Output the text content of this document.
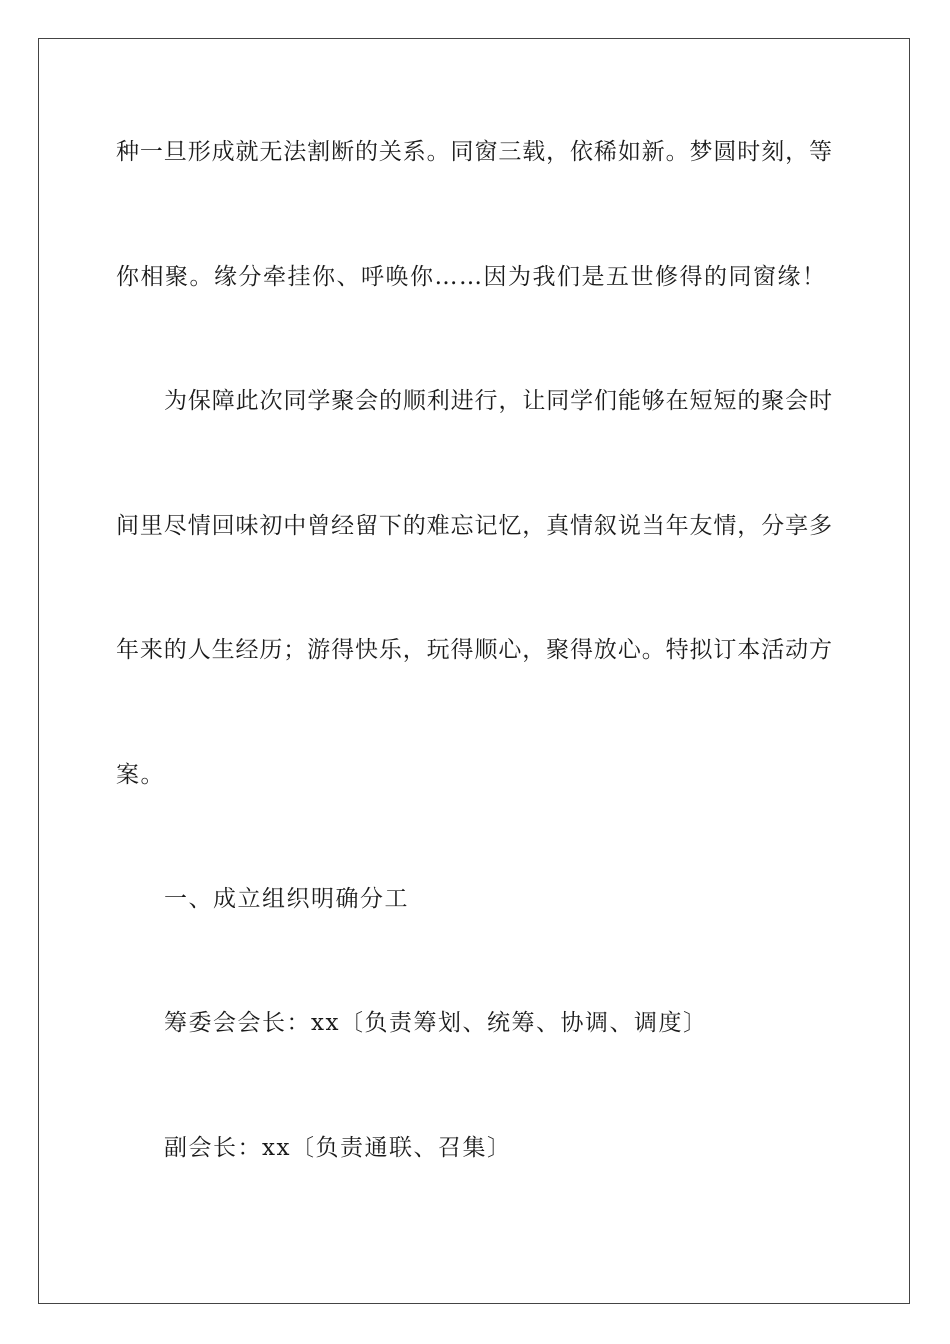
种一旦形成就无法割断的关系。同窗三载，依稀如新。梦圆时刻，等
你相聚。缘分牵挂你、呼唤你……因为我们是五世修得的同窗缘！
为保障此次同学聚会的顺利进行，让同学们能够在短短的聚会时
间里尽情回味初中曾经留下的难忘记忆，真情叙说当年友情，分享多
年来的人生经历；游得快乐，玩得顺心，聚得放心。特拟订本活动方
案。
一、成立组织明确分工
筹委会会长：xx〔负责筹划、统筹、协调、调度〕
副会长：xx〔负责通联、召集〕
